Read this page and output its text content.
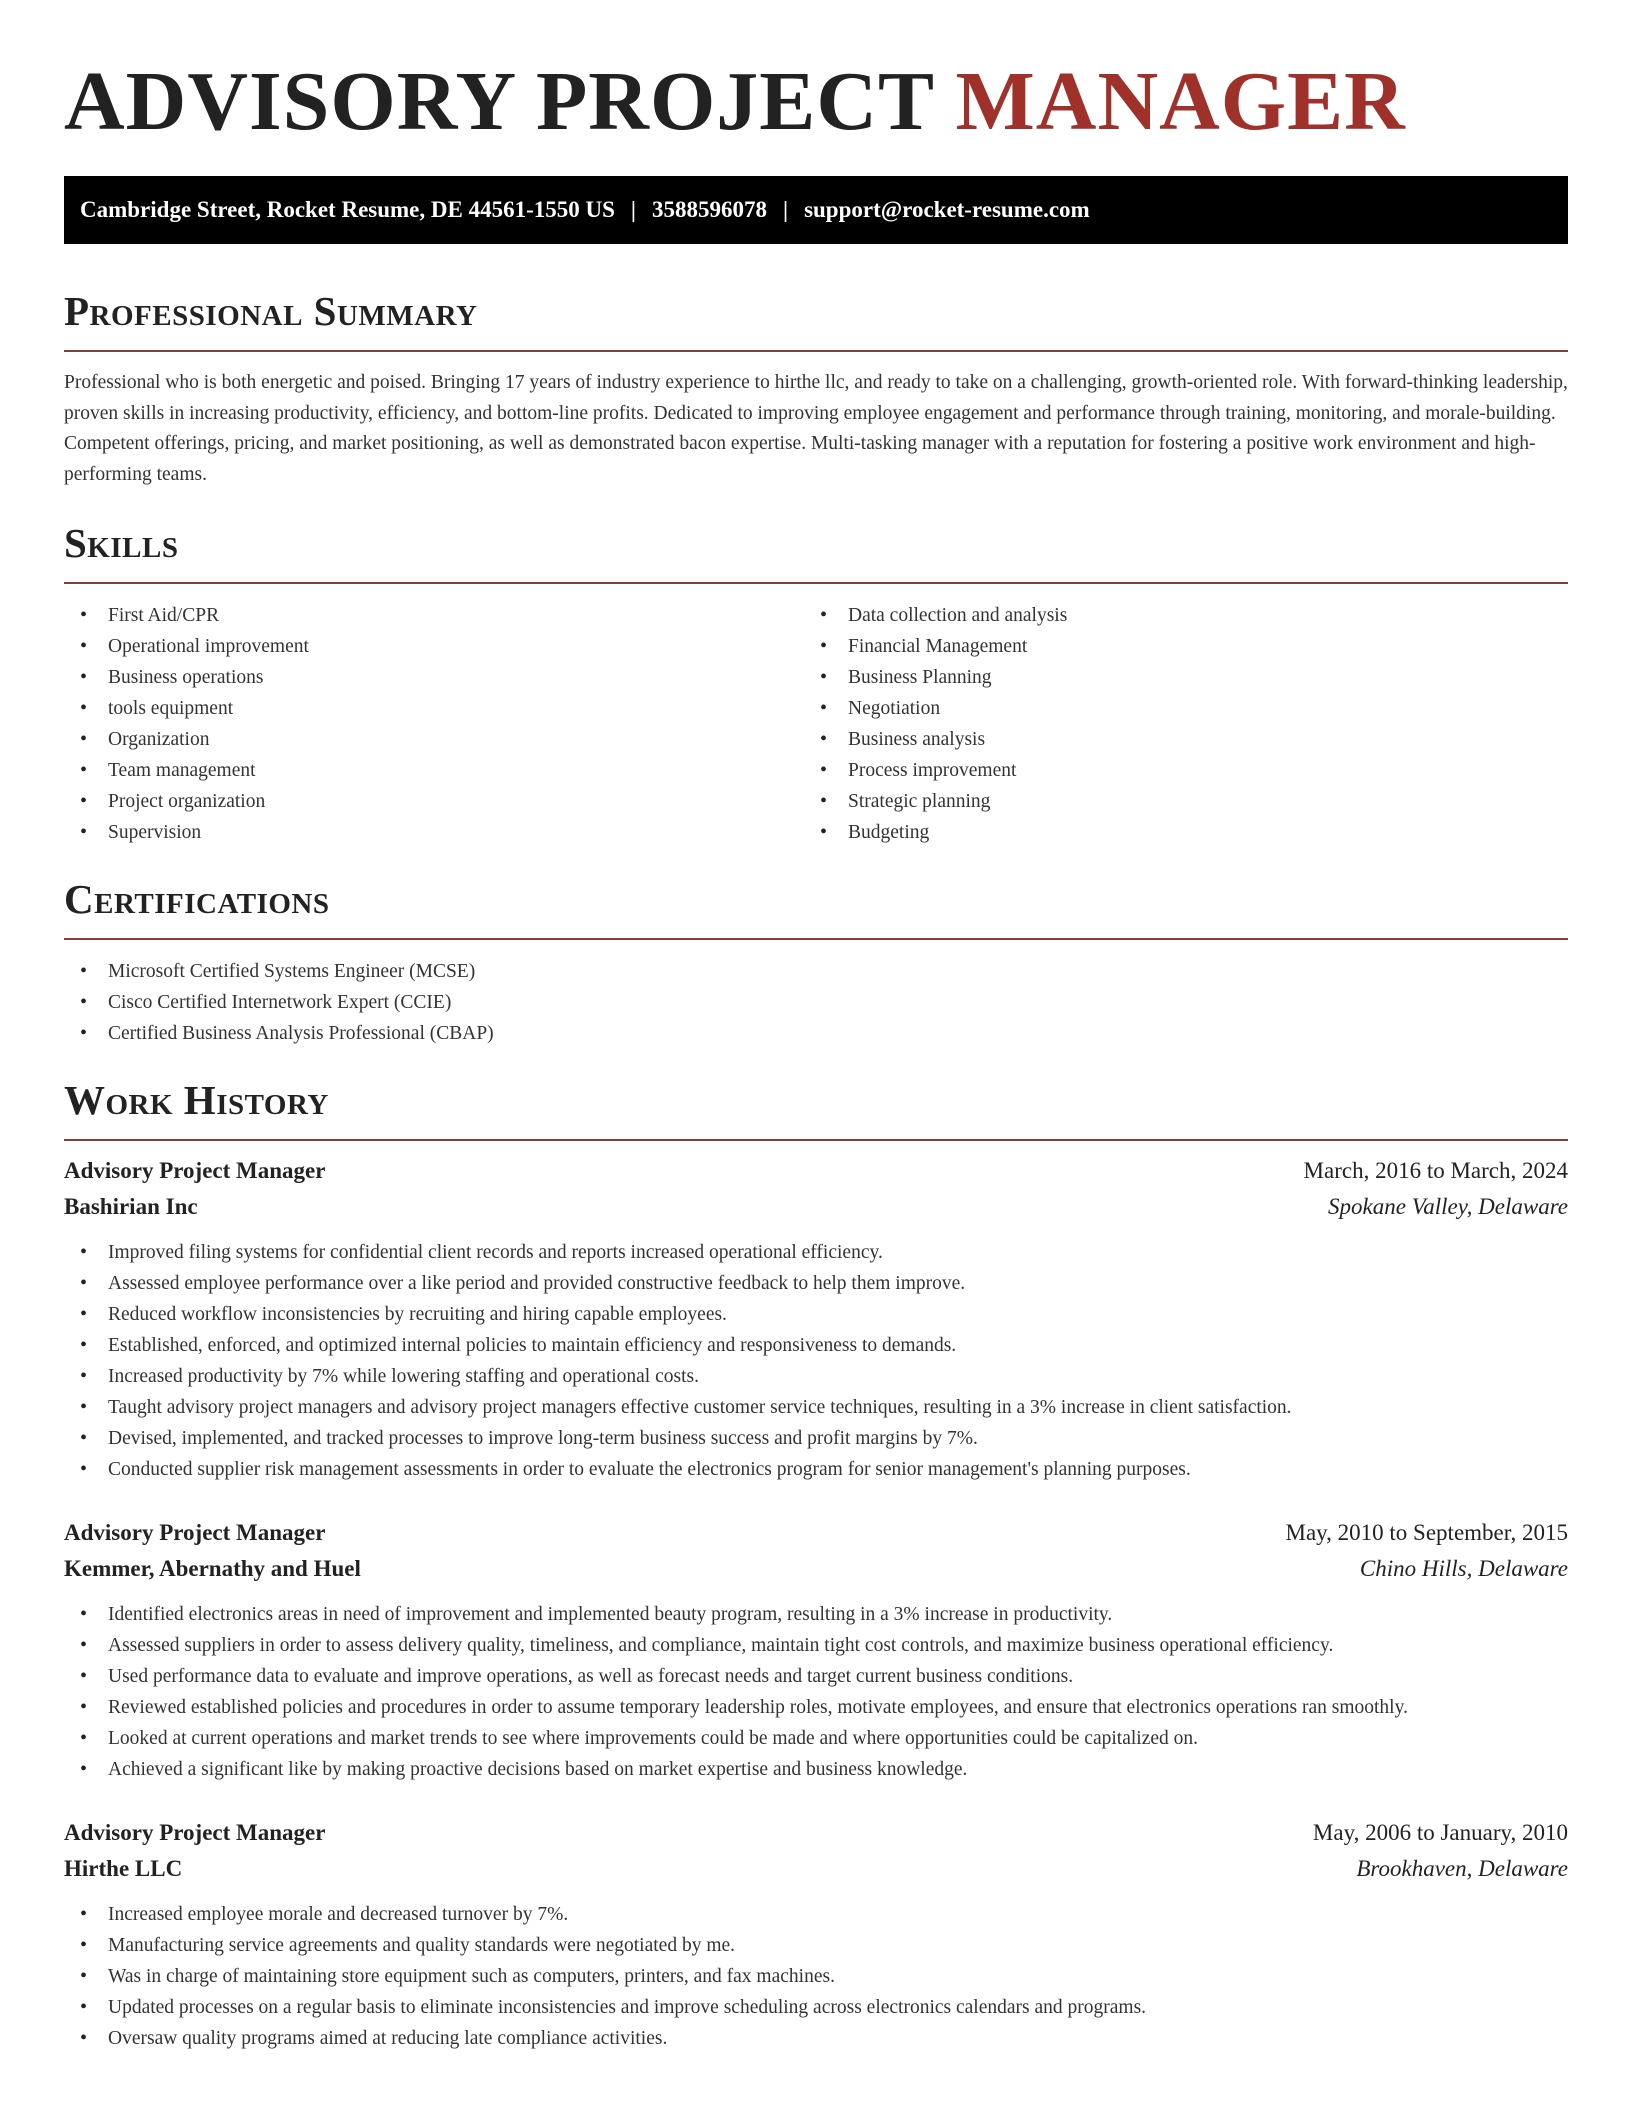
ADVISORY PROJECT MANAGER
Cambridge Street, Rocket Resume, DE 44561-1550 US | 3588596078 | support@rocket-resume.com
Professional Summary

Professional who is both energetic and poised. Bringing 17 years of industry experience to hirthe llc, and ready to take on a challenging, growth-oriented role. With forward-thinking leadership, proven skills in increasing productivity, efficiency, and bottom-line profits. Dedicated to improving employee engagement and performance through training, monitoring, and morale-building. Competent offerings, pricing, and market positioning, as well as demonstrated bacon expertise. Multi-tasking manager with a reputation for fostering a positive work environment and high-performing teams.

Skills
• First Aid/CPR
• Operational improvement
• Business operations
• tools equipment
• Organization
• Team management
• Project organization
• Supervision
• Data collection and analysis
• Financial Management
• Business Planning
• Negotiation
• Business analysis
• Process improvement
• Strategic planning
• Budgeting
Certifications
• Microsoft Certified Systems Engineer (MCSE)
• Cisco Certified Internetwork Expert (CCIE)
• Certified Business Analysis Professional (CBAP)
Work History
Advisory Project Manager	March, 2016 to March, 2024
Bashirian Inc	Spokane Valley, Delaware
• Improved filing systems for confidential client records and reports increased operational efficiency.
• Assessed employee performance over a like period and provided constructive feedback to help them improve.
• Reduced workflow inconsistencies by recruiting and hiring capable employees.
• Established, enforced, and optimized internal policies to maintain efficiency and responsiveness to demands.
• Increased productivity by 7% while lowering staffing and operational costs.
• Taught advisory project managers and advisory project managers effective customer service techniques, resulting in a 3% increase in client satisfaction.
• Devised, implemented, and tracked processes to improve long-term business success and profit margins by 7%.
• Conducted supplier risk management assessments in order to evaluate the electronics program for senior management's planning purposes.
Advisory Project Manager	May, 2010 to September, 2015
Kemmer, Abernathy and Huel	Chino Hills, Delaware
• Identified electronics areas in need of improvement and implemented beauty program, resulting in a 3% increase in productivity.
• Assessed suppliers in order to assess delivery quality, timeliness, and compliance, maintain tight cost controls, and maximize business operational efficiency.
• Used performance data to evaluate and improve operations, as well as forecast needs and target current business conditions.
• Reviewed established policies and procedures in order to assume temporary leadership roles, motivate employees, and ensure that electronics operations ran smoothly.
• Looked at current operations and market trends to see where improvements could be made and where opportunities could be capitalized on.
• Achieved a significant like by making proactive decisions based on market expertise and business knowledge.
Advisory Project Manager	May, 2006 to January, 2010
Hirthe LLC	Brookhaven, Delaware
• Increased employee morale and decreased turnover by 7%.
• Manufacturing service agreements and quality standards were negotiated by me.
• Was in charge of maintaining store equipment such as computers, printers, and fax machines.
• Updated processes on a regular basis to eliminate inconsistencies and improve scheduling across electronics calendars and programs.
• Oversaw quality programs aimed at reducing late compliance activities.
